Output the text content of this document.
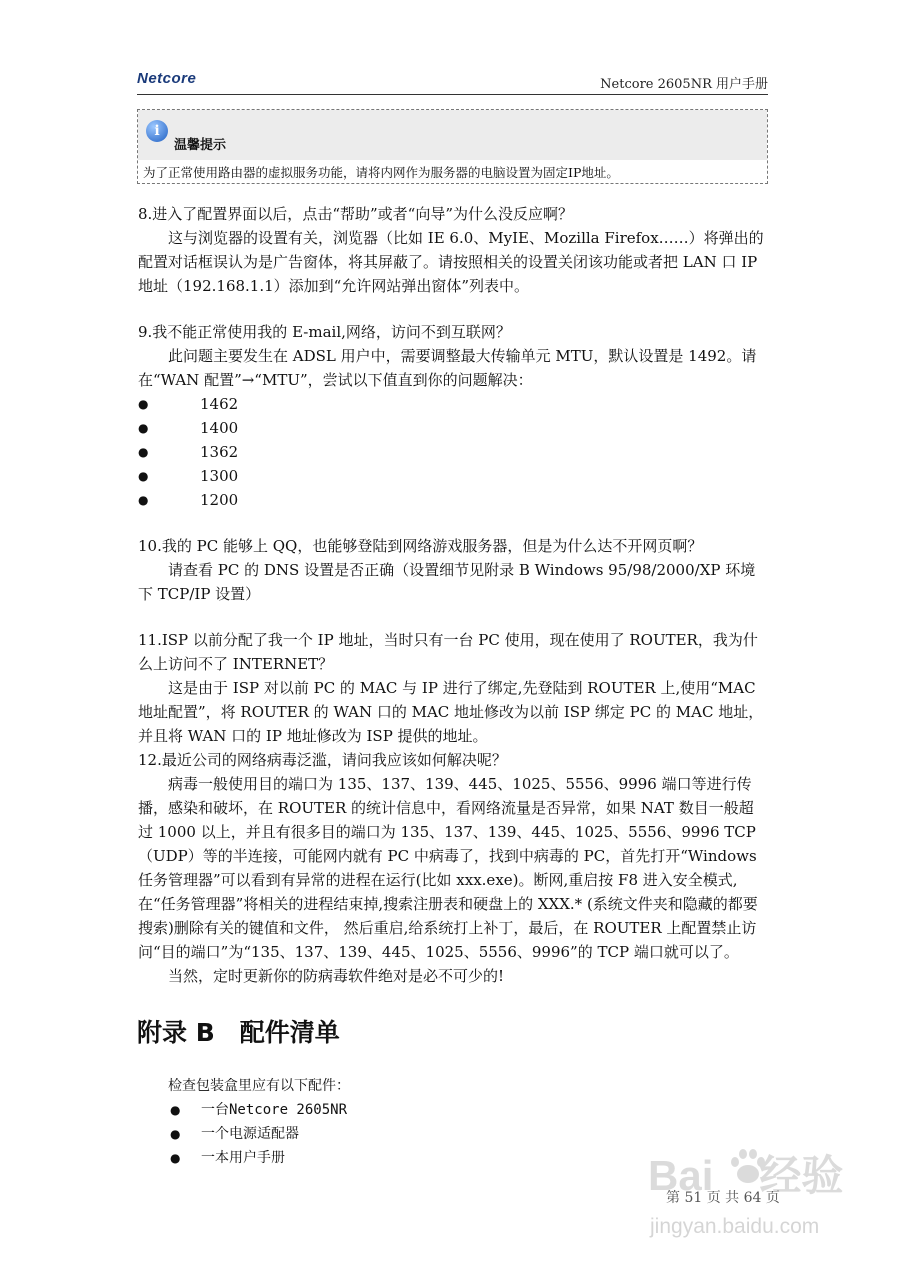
Netcore	Netcore 2605NR 用户手册
i
温馨提示
为了正常使用路由器的虚拟服务功能，请将内网作为服务器的电脑设置为固定IP地址。

8.进入了配置界面以后，点击“帮助”或者“向导”为什么没反应啊？

这与浏览器的设置有关，浏览器（比如 IE 6.0、MyIE、Mozilla Firefox……）将弹出的配置对话框误认为是广告窗体，将其屏蔽了。请按照相关的设置关闭该功能或者把 LAN 口 IP 地址（192.168.1.1）添加到“允许网站弹出窗体”列表中。

9.我不能正常使用我的 E-mail,网络，访问不到互联网？

此问题主要发生在 ADSL 用户中，需要调整最大传输单元 MTU，默认设置是 1492。请在“WAN 配置”→“MTU”，尝试以下值直到你的问题解决：

● 1462
● 1400
● 1362
● 1300
● 1200

10.我的 PC 能够上 QQ，也能够登陆到网络游戏服务器，但是为什么达不开网页啊？

请查看 PC 的 DNS 设置是否正确（设置细节见附录 B Windows 95/98/2000/XP 环境下 TCP/IP 设置）

11.ISP 以前分配了我一个 IP 地址，当时只有一台 PC 使用，现在使用了 ROUTER，我为什么上访问不了 INTERNET？

这是由于 ISP 对以前 PC 的 MAC 与 IP 进行了绑定,先登陆到 ROUTER 上,使用“MAC 地址配置”，将 ROUTER 的 WAN 口的 MAC 地址修改为以前 ISP 绑定 PC 的 MAC 地址，并且将 WAN 口的 IP 地址修改为 ISP 提供的地址。

12.最近公司的网络病毒泛滥，请问我应该如何解决呢？

病毒一般使用目的端口为 135、137、139、445、1025、5556、9996 端口等进行传播，感染和破坏，在 ROUTER 的统计信息中，看网络流量是否异常，如果 NAT 数目一般超过 1000 以上，并且有很多目的端口为 135、137、139、445、1025、5556、9996 TCP（UDP）等的半连接，可能网内就有 PC 中病毒了，找到中病毒的 PC，首先打开“Windows 任务管理器”可以看到有异常的进程在运行(比如 xxx.exe)。断网,重启按 F8 进入安全模式,在“任务管理器”将相关的进程结束掉,搜索注册表和硬盘上的 XXX.* (系统文件夹和隐藏的都要搜索)删除有关的键值和文件， 然后重启,给系统打上补丁，最后，在 ROUTER 上配置禁止访问“目的端口”为“135、137、139、445、1025、5556、9996”的 TCP 端口就可以了。

当然，定时更新你的防病毒软件绝对是必不可少的!

附录 B　配件清单
检查包装盒里应有以下配件：
● 一台Netcore 2605NR
● 一个电源适配器
● 一本用户手册
第 51 页 共 64 页
Bai 经验
jingyan.baidu.com
